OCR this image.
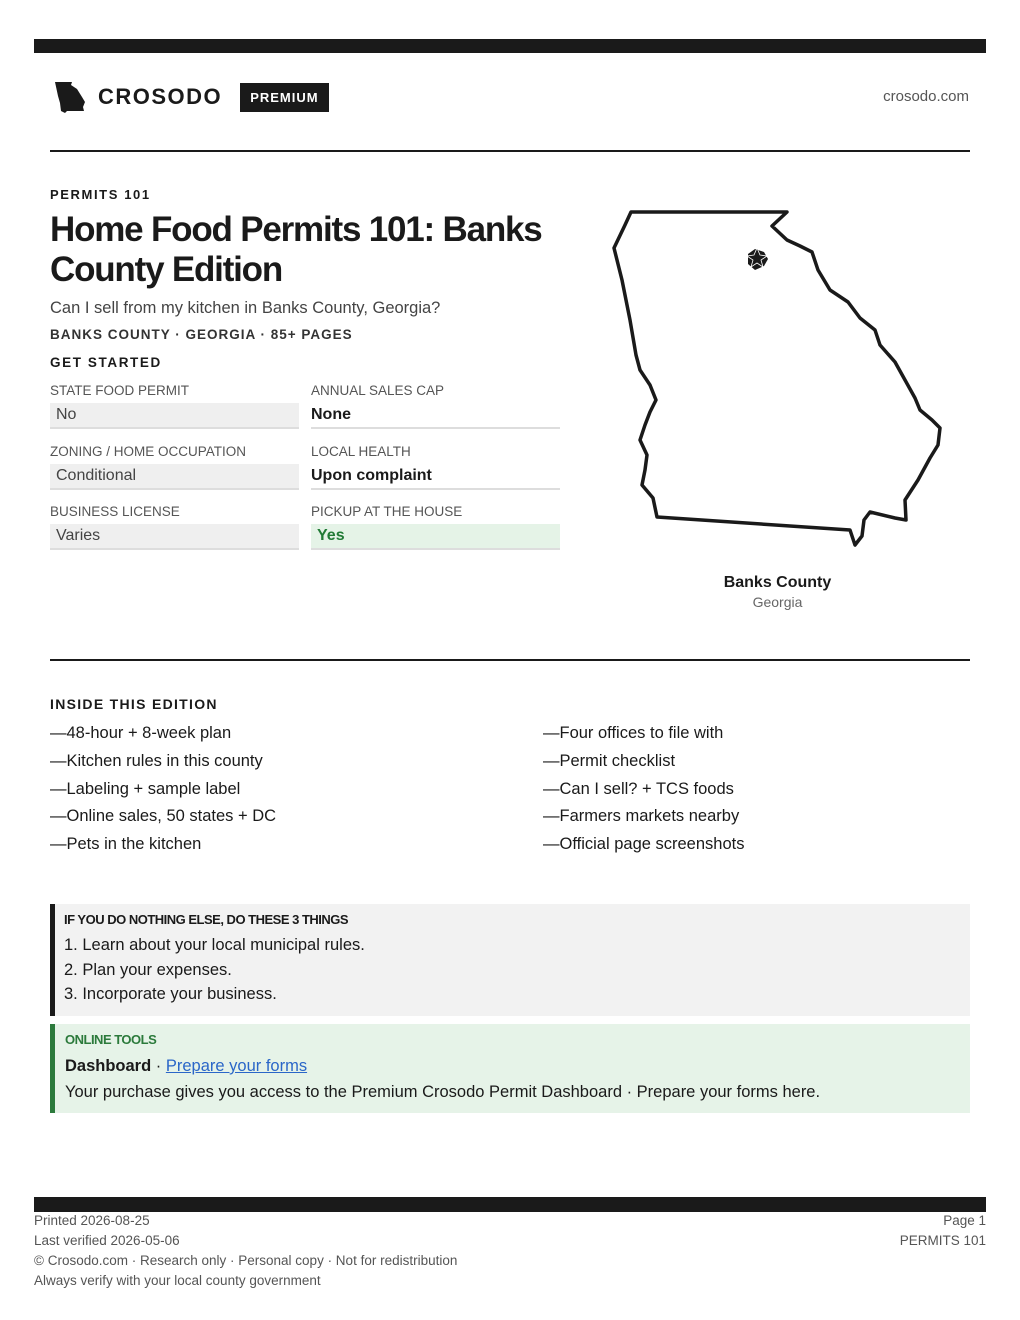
CROSODO	PREMIUM	crosodo.com
PERMITS 101
Home Food Permits 101: Banks County Edition
Can I sell from my kitchen in Banks County, Georgia?
BANKS COUNTY · GEORGIA · 85+ PAGES
GET STARTED
STATE FOOD PERMIT
No
ANNUAL SALES CAP
None
ZONING / HOME OCCUPATION
Conditional
LOCAL HEALTH
Upon complaint
BUSINESS LICENSE
Varies
PICKUP AT THE HOUSE
Yes
Banks County
Georgia
INSIDE THIS EDITION
—48-hour + 8-week plan
—Kitchen rules in this county
—Labeling + sample label
—Online sales, 50 states + DC
—Pets in the kitchen
—Four offices to file with
—Permit checklist
—Can I sell? + TCS foods
—Farmers markets nearby
—Official page screenshots
IF YOU DO NOTHING ELSE, DO THESE 3 THINGS
1. Learn about your local municipal rules.
2. Plan your expenses.
3. Incorporate your business.
ONLINE TOOLS
Dashboard · Prepare your forms
Your purchase gives you access to the Premium Crosodo Permit Dashboard · Prepare your forms here.
Printed 2026-08-25
Last verified 2026-05-06
© Crosodo.com · Research only · Personal copy · Not for redistribution
Always verify with your local county government
Page 1
PERMITS 101
